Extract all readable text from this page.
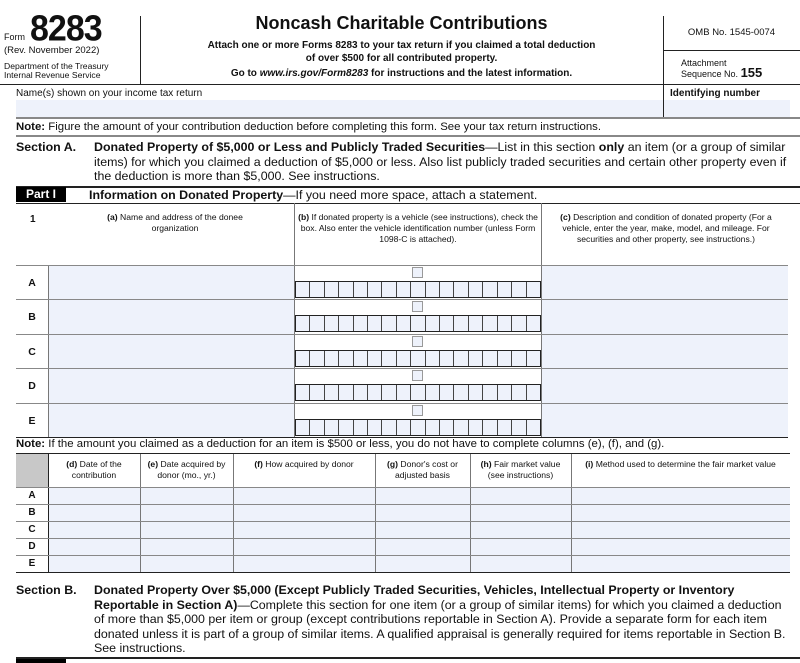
Form 8283
(Rev. November 2022)
Department of the Treasury
Internal Revenue Service
Noncash Charitable Contributions
Attach one or more Forms 8283 to your tax return if you claimed a total deduction
of over $500 for all contributed property.
Go to www.irs.gov/Form8283 for instructions and the latest information.
OMB No. 1545-0074
Attachment
Sequence No. 155
Name(s) shown on your income tax return	Identifying number
Note: Figure the amount of your contribution deduction before completing this form. See your tax return instructions.
Section A. Donated Property of $5,000 or Less and Publicly Traded Securities—List in this section only an item (or a group of similar items) for which you claimed a deduction of $5,000 or less. Also list publicly traded securities and certain other property even if the deduction is more than $5,000. See instructions.
Part I	Information on Donated Property—If you need more space, attach a statement.
1	(a) Name and address of the donee organization
(b) If donated property is a vehicle (see instructions), check the box. Also enter the vehicle identification number (unless Form 1098-C is attached).
(c) Description and condition of donated property (For a vehicle, enter the year, make, model, and mileage. For securities and other property, see instructions.)
A
B
C
D
E
Note: If the amount you claimed as a deduction for an item is $500 or less, you do not have to complete columns (e), (f), and (g).
(d) Date of the contribution
(e) Date acquired by donor (mo., yr.)
(f) How acquired by donor	(g) Donor's cost or adjusted basis
(h) Fair market value (see instructions)
(i) Method used to determine the fair market value
A
B
C
D
E
Section B. Donated Property Over $5,000 (Except Publicly Traded Securities, Vehicles, Intellectual Property or Inventory Reportable in Section A)—Complete this section for one item (or a group of similar items) for which you claimed a deduction of more than $5,000 per item or group (except contributions reportable in Section A). Provide a separate form for each item donated unless it is part of a group of similar items. A qualified appraisal is generally required for items reportable in Section B. See instructions.
